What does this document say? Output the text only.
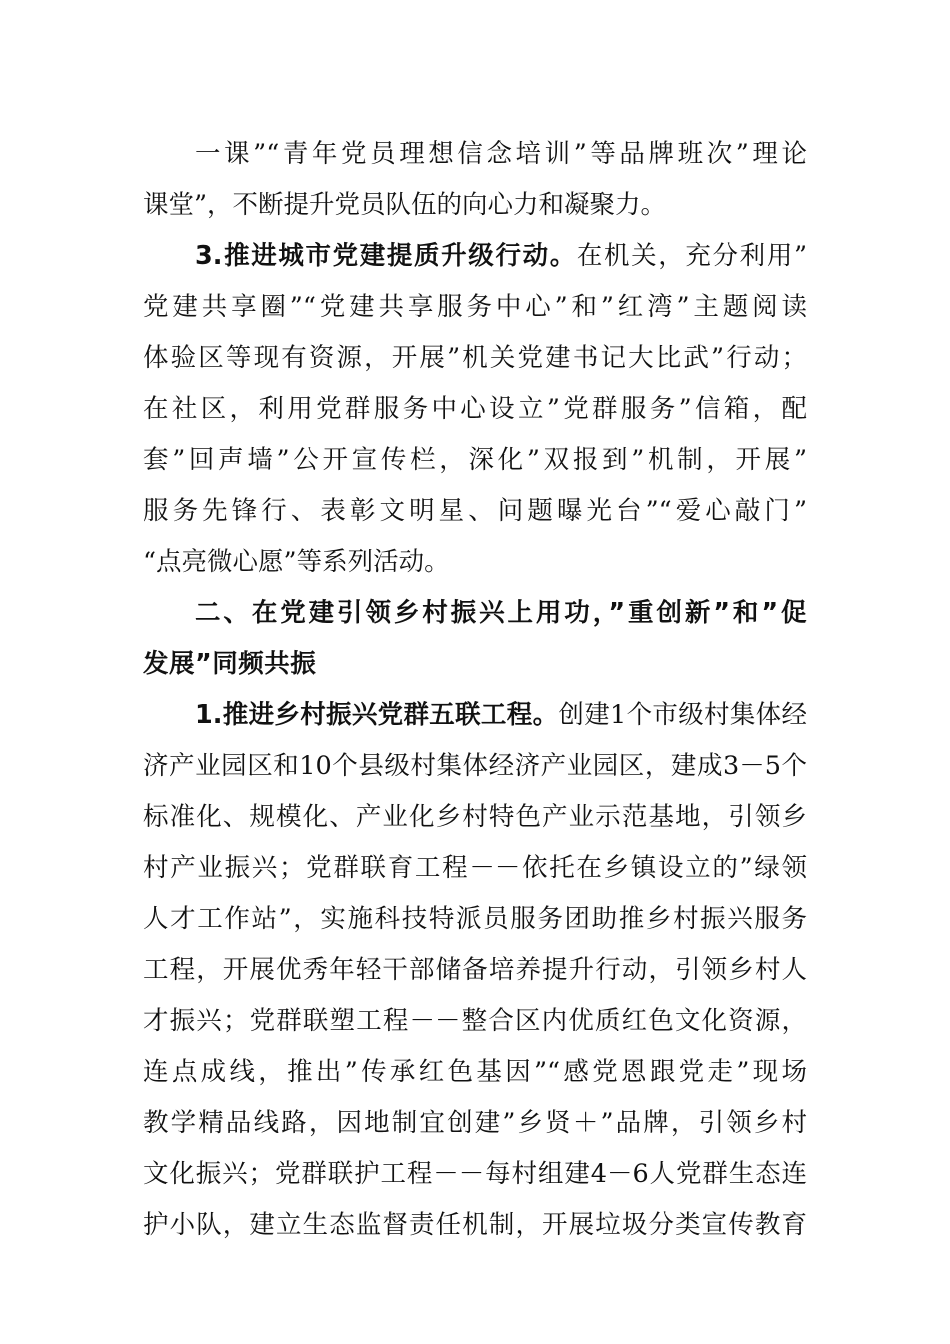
一课”“青年党员理想信念培训”等品牌班次”理论
课堂”，不断提升党员队伍的向心力和凝聚力。
3.推进城市党建提质升级行动。在机关，充分利用”
党建共享圈”“党建共享服务中心”和”红湾”主题阅读
体验区等现有资源，开展”机关党建书记大比武”行动；
在社区，利用党群服务中心设立”党群服务”信箱，配
套”回声墙”公开宣传栏，深化”双报到”机制，开展”
服务先锋行、表彰文明星、问题曝光台”“爱心敲门”
“点亮微心愿”等系列活动。
二、在党建引领乡村振兴上用功，”重创新”和”促
发展”同频共振
1.推进乡村振兴党群五联工程。创建1个市级村集体经
济产业园区和10个县级村集体经济产业园区，建成3－5个
标准化、规模化、产业化乡村特色产业示范基地，引领乡
村产业振兴；党群联育工程－－依托在乡镇设立的”绿领
人才工作站”，实施科技特派员服务团助推乡村振兴服务
工程，开展优秀年轻干部储备培养提升行动，引领乡村人
才振兴；党群联塑工程－－整合区内优质红色文化资源，
连点成线，推出”传承红色基因”“感党恩跟党走”现场
教学精品线路，因地制宜创建”乡贤＋”品牌，引领乡村
文化振兴；党群联护工程－－每村组建4－6人党群生态连
护小队，建立生态监督责任机制，开展垃圾分类宣传教育
